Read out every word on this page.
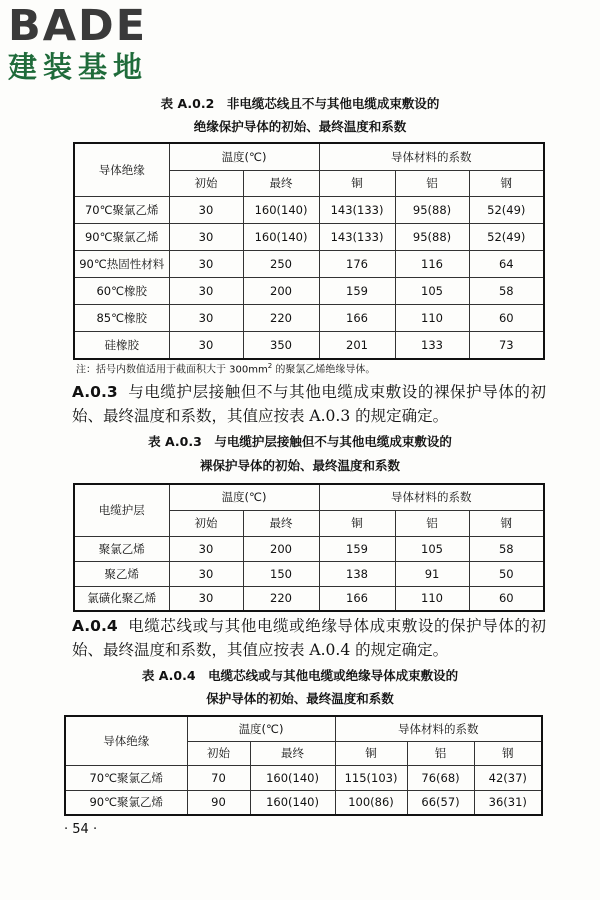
BADE
建装基地
表 A.0.2　非电缆芯线且不与其他电缆成束敷设的
绝缘保护导体的初始、最终温度和系数
导体绝缘	温度(℃)		导体材料的系数		
	初始	最终	铜	铝	钢
70℃聚氯乙烯	30	160(140)	143(133)	95(88)	52(49)
90℃聚氯乙烯	30	160(140)	143(133)	95(88)	52(49)
90℃热固性材料	30	250	176	116	64
60℃橡胶	30	200	159	105	58
85℃橡胶	30	220	166	110	60
硅橡胶	30	350	201	133	73
注：括号内数值适用于截面积大于 $300mm^2$ 的聚氯乙烯绝缘导体。
A.0.3 与电缆护层接触但不与其他电缆成束敷设的裸保护导体的初始、最终温度和系数，其值应按表 A.0.3 的规定确定。
表 A.0.3　与电缆护层接触但不与其他电缆成束敷设的
裸保护导体的初始、最终温度和系数
电缆护层	温度(℃)		导体材料的系数		
	初始	最终	铜	铝	钢
聚氯乙烯	30	200	159	105	58
聚乙烯	30	150	138	91	50
氯磺化聚乙烯	30	220	166	110	60
A.0.4 电缆芯线或与其他电缆或绝缘导体成束敷设的保护导体的初始、最终温度和系数，其值应按表 A.0.4 的规定确定。
表 A.0.4　电缆芯线或与其他电缆或绝缘导体成束敷设的
保护导体的初始、最终温度和系数
导体绝缘	温度(℃)		导体材料的系数		
	初始	最终	铜	铝	钢
70℃聚氯乙烯	70	160(140)	115(103)	76(68)	42(37)
90℃聚氯乙烯	90	160(140)	100(86)	66(57)	36(31)
· 54 ·
